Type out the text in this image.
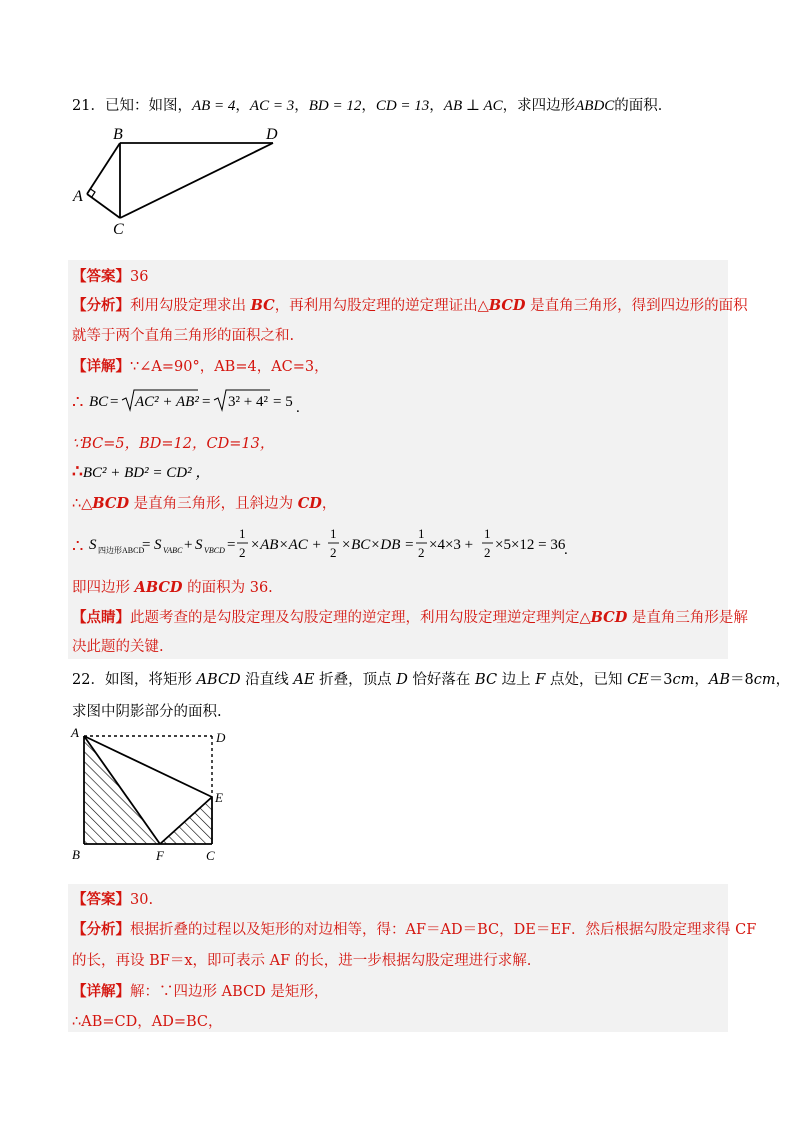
21．已知：如图，AB = 4，AC = 3，BD = 12，CD = 13，AB ⊥ AC，求四边形ABDC的面积．
B	D
A
C
【答案】36
【分析】利用勾股定理求出 BC，再利用勾股定理的逆定理证出△BCD 是直角三角形，得到四边形的面积
就等于两个直角三角形的面积之和.
【详解】∵∠A=90°，AB=4，AC=3，
∴ BC = AC² + AB² = 3² + 4² = 5 .
∵BC=5，BD=12，CD=13，
∴BC² + BD² = CD² ，
∴△BCD 是直角三角形，且斜边为 CD，
∴ S 四边形ABCD
= S VABC + S VBCD =
1
2 ×AB×AC +
1
2 ×BC×DB =
1
2 ×4×3 +
1
2 ×5×12 = 36
.
即四边形 ABCD 的面积为 36.
【点睛】此题考查的是勾股定理及勾股定理的逆定理，利用勾股定理逆定理判定△BCD 是直角三角形是解
决此题的关键.
22．如图，将矩形 ABCD 沿直线 AE 折叠，顶点 D 恰好落在 BC 边上 F 点处，已知 CE＝3cm，AB＝8cm，
求图中阴影部分的面积.
A	D
E
B	F	C
【答案】30.
【分析】根据折叠的过程以及矩形的对边相等，得：AF＝AD＝BC，DE＝EF．然后根据勾股定理求得 CF
的长，再设 BF＝x，即可表示 AF 的长，进一步根据勾股定理进行求解.
【详解】解：∵四边形 ABCD 是矩形，
∴AB=CD，AD=BC，
